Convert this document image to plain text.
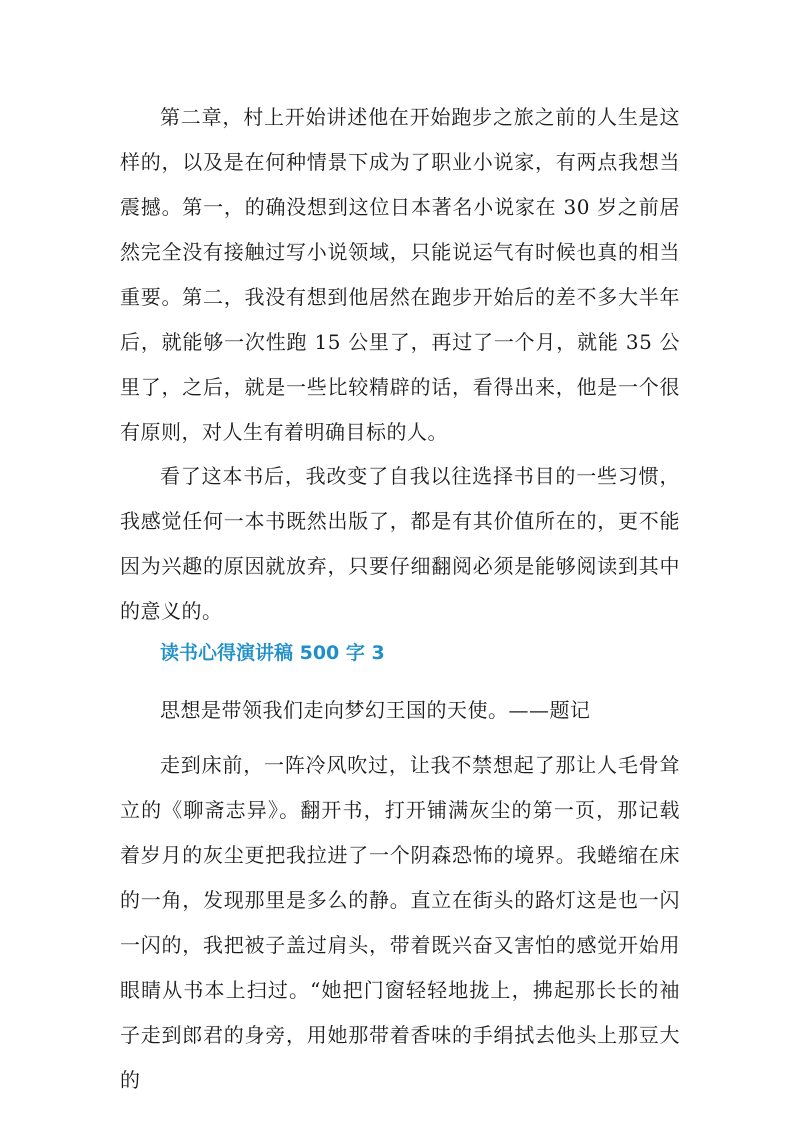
第二章，村上开始讲述他在开始跑步之旅之前的人生是这样的，以及是在何种情景下成为了职业小说家，有两点我想当震撼。第一，的确没想到这位日本著名小说家在 30 岁之前居然完全没有接触过写小说领域，只能说运气有时候也真的相当重要。第二，我没有想到他居然在跑步开始后的差不多大半年后，就能够一次性跑 15 公里了，再过了一个月，就能 35 公里了，之后，就是一些比较精辟的话，看得出来，他是一个很有原则，对人生有着明确目标的人。

看了这本书后，我改变了自我以往选择书目的一些习惯，我感觉任何一本书既然出版了，都是有其价值所在的，更不能因为兴趣的原因就放弃，只要仔细翻阅必须是能够阅读到其中的意义的。

读书心得演讲稿 500 字 3

思想是带领我们走向梦幻王国的天使。——题记

走到床前，一阵冷风吹过，让我不禁想起了那让人毛骨耸立的《聊斋志异》。翻开书，打开铺满灰尘的第一页，那记载着岁月的灰尘更把我拉进了一个阴森恐怖的境界。我蜷缩在床的一角，发现那里是多么的静。直立在街头的路灯这是也一闪一闪的，我把被子盖过肩头，带着既兴奋又害怕的感觉开始用眼睛从书本上扫过。“她把门窗轻轻地拢上，拂起那长长的袖子走到郎君的身旁，用她那带着香味的手绢拭去他头上那豆大的
